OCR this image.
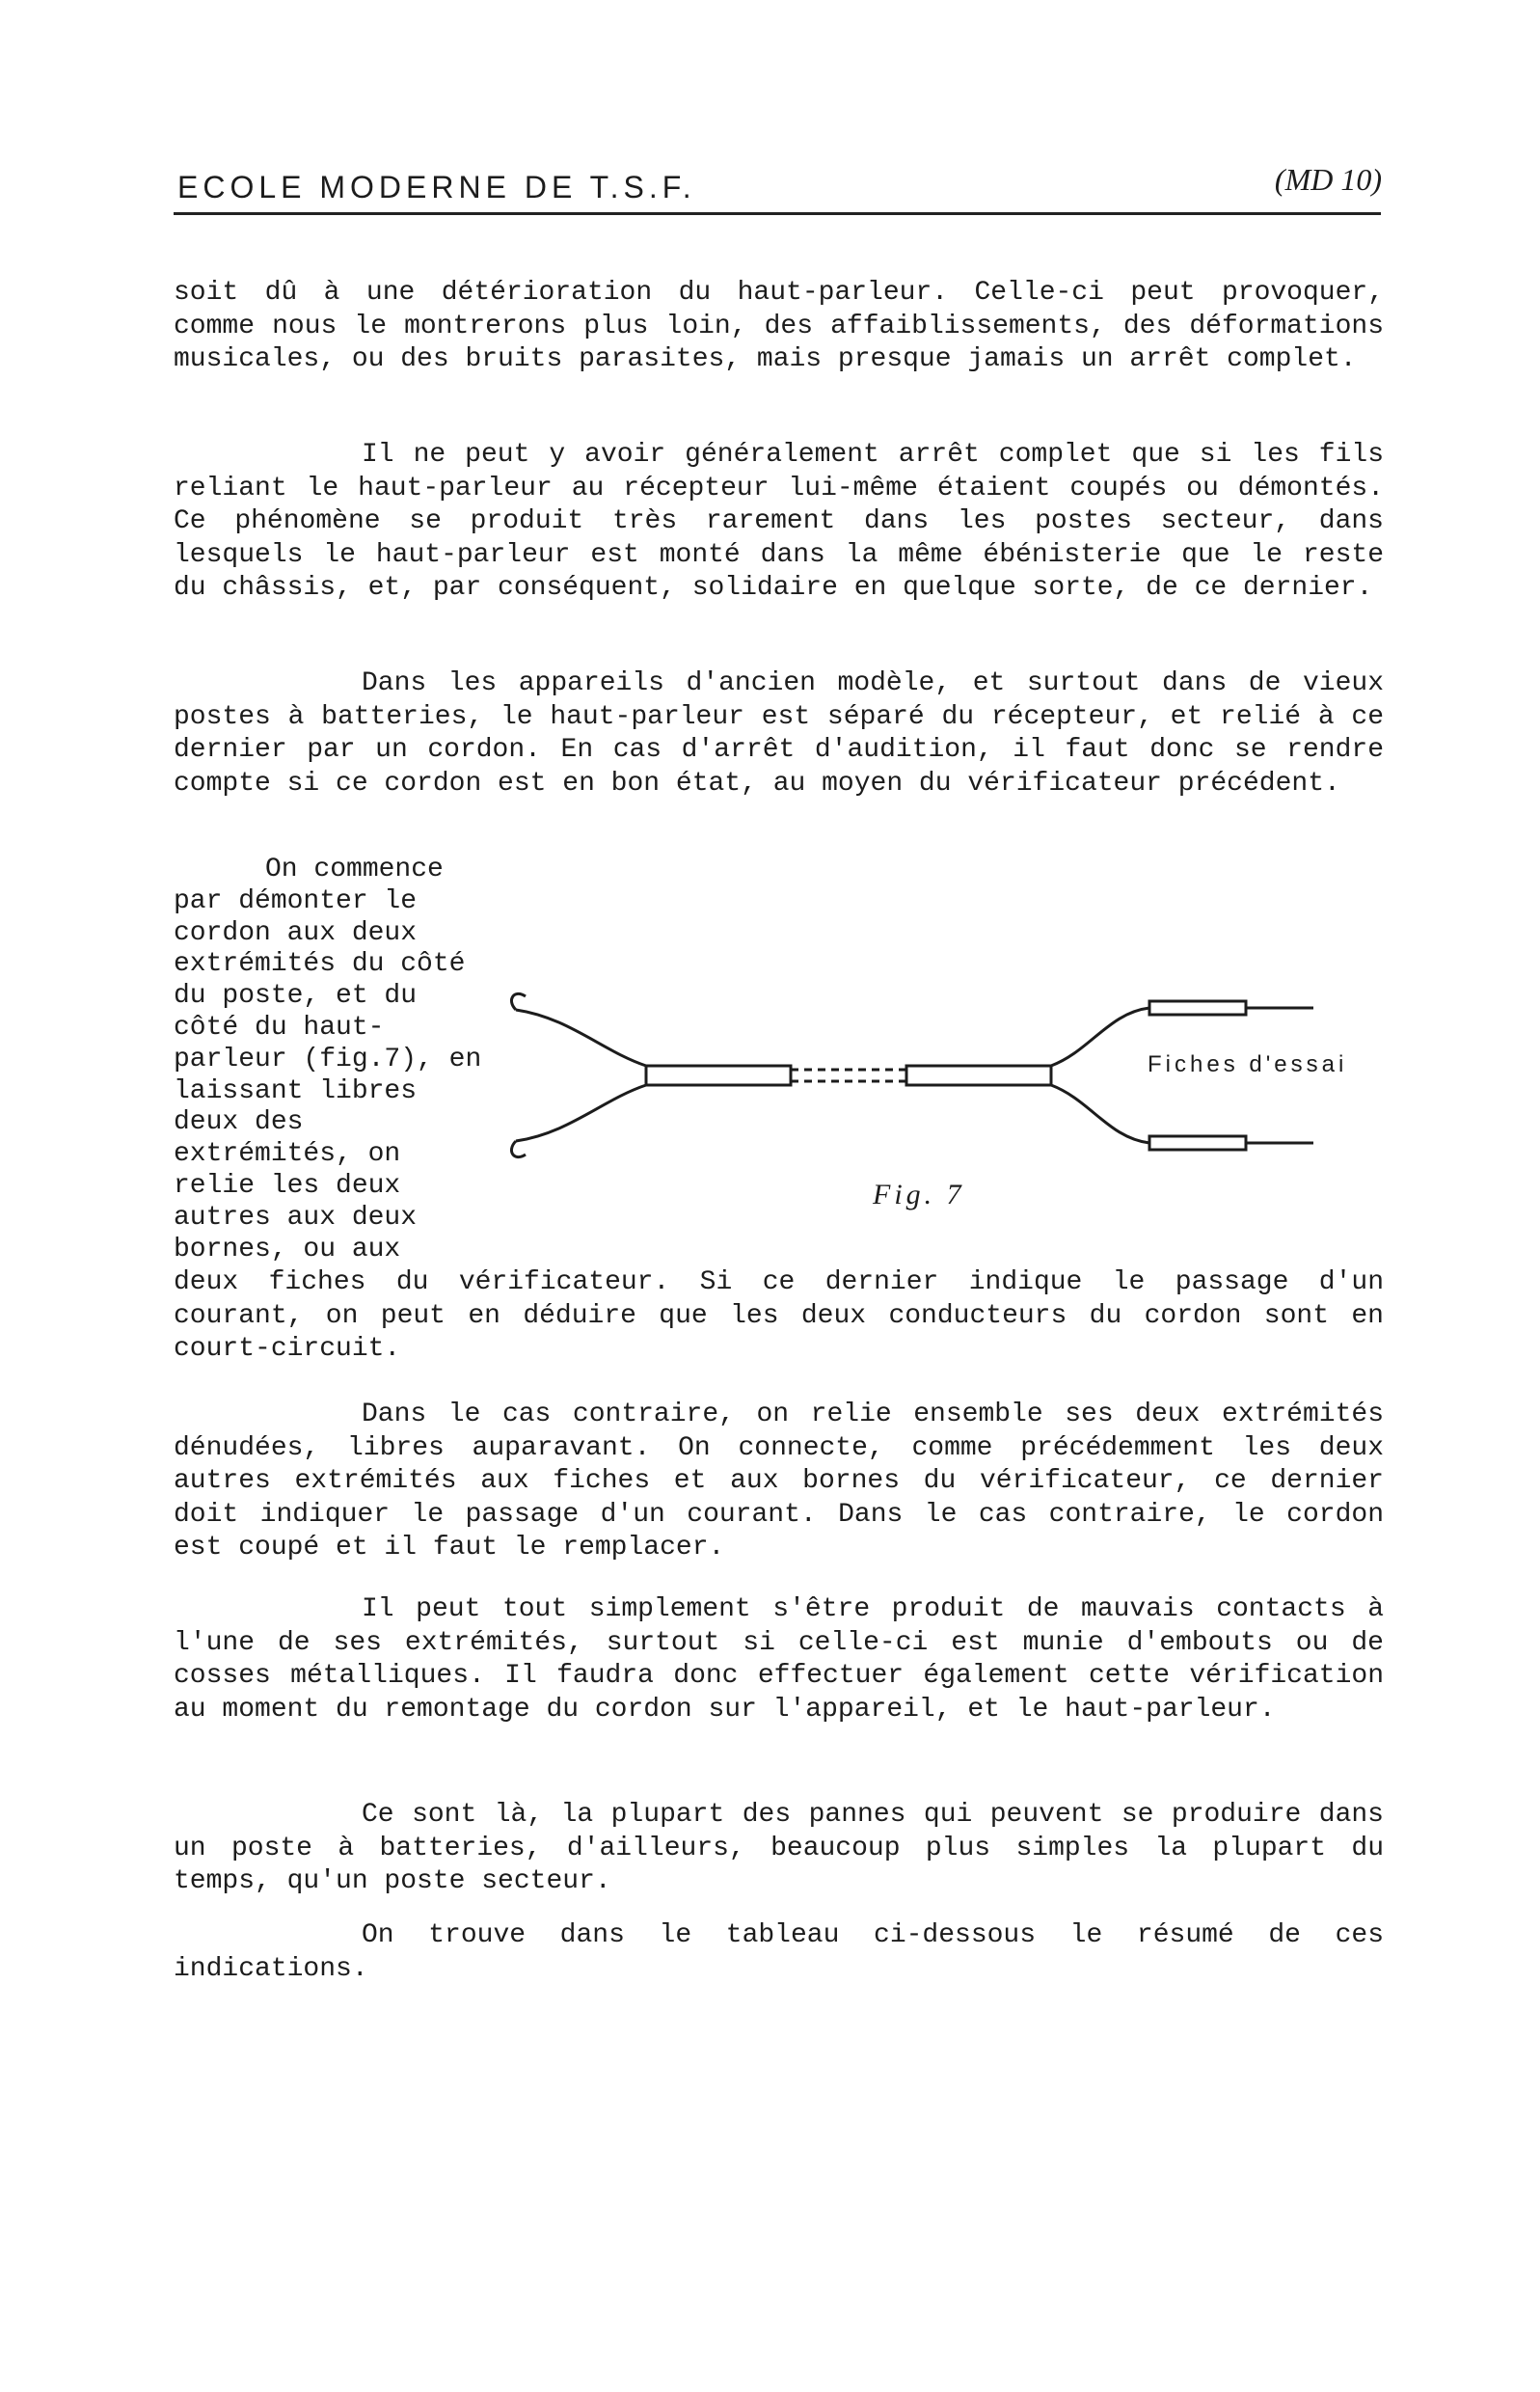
ECOLE MODERNE DE T.S.F.	(MD 10)

soit dû à une détérioration du haut-parleur. Celle-ci peut provoquer, comme nous le montrerons plus loin, des affaiblissements, des déformations musicales, ou des bruits parasites, mais presque jamais un arrêt complet.

Il ne peut y avoir généralement arrêt complet que si les fils reliant le haut-parleur au récepteur lui-même étaient coupés ou démontés. Ce phénomène se produit très rarement dans les postes secteur, dans lesquels le haut-parleur est monté dans la même ébénisterie que le reste du châssis, et, par conséquent, solidaire en quelque sorte, de ce dernier.

Dans les appareils d'ancien modèle, et surtout dans de vieux postes à batteries, le haut-parleur est séparé du récepteur, et relié à ce dernier par un cordon. En cas d'arrêt d'audition, il faut donc se rendre compte si ce cordon est en bon état, au moyen du vérificateur précédent.

On commence par démonter le cordon aux deux extrémités du côté du poste, et du côté du haut-parleur (fig.7), en laissant libres deux des extrémités, on relie les deux autres aux deux bornes, ou aux

Fiches d'essai
Fig. 7

deux fiches du vérificateur. Si ce dernier indique le passage d'un courant, on peut en déduire que les deux conducteurs du cordon sont en court-circuit.

Dans le cas contraire, on relie ensemble ses deux extrémités dénudées, libres auparavant. On connecte, comme précédemment les deux autres extrémités aux fiches et aux bornes du vérificateur, ce dernier doit indiquer le passage d'un courant. Dans le cas contraire, le cordon est coupé et il faut le remplacer.

Il peut tout simplement s'être produit de mauvais contacts à l'une de ses extrémités, surtout si celle-ci est munie d'embouts ou de cosses métalliques. Il faudra donc effectuer également cette vérification au moment du remontage du cordon sur l'appareil, et le haut-parleur.

Ce sont là, la plupart des pannes qui peuvent se produire dans un poste à batteries, d'ailleurs, beaucoup plus simples la plupart du temps, qu'un poste secteur.

On trouve dans le tableau ci-dessous le résumé de ces indications.
